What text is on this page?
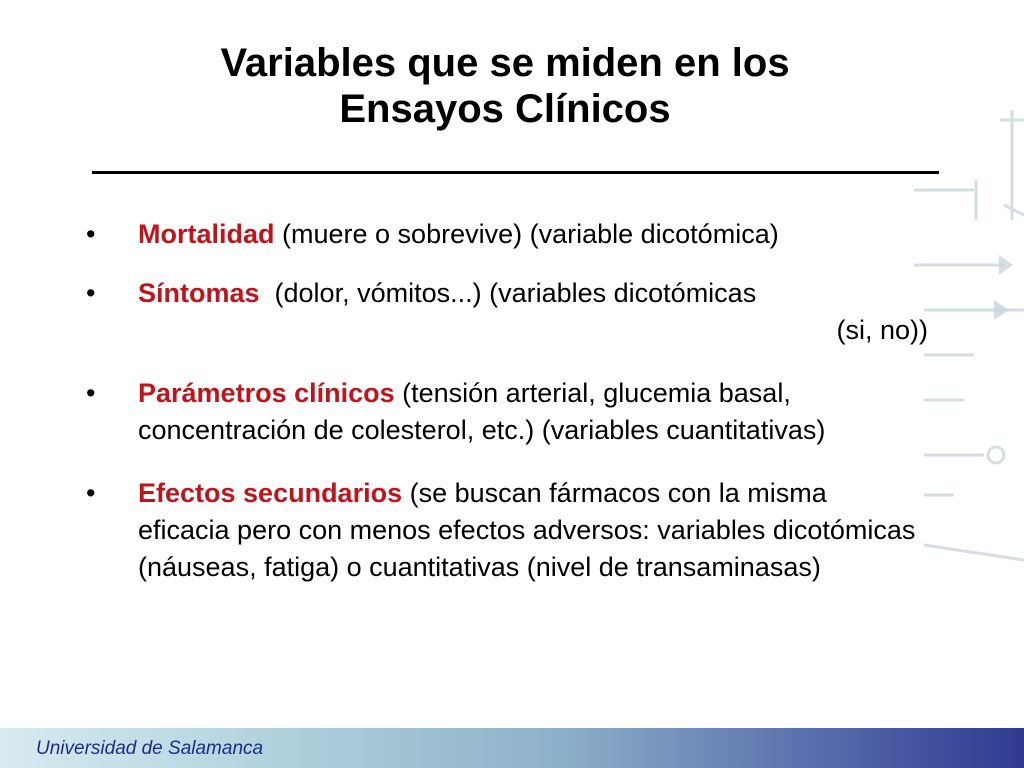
Variables que se miden en los
Ensayos Clínicos
• Mortalidad (muere o sobrevive) (variable dicotómica)
• Síntomas  (dolor, vómitos...) (variables dicotómicas
(si, no))
• Parámetros clínicos (tensión arterial, glucemia basal, concentración de colesterol, etc.) (variables cuantitativas)
• Efectos secundarios (se buscan fármacos con la misma eficacia pero con menos efectos adversos: variables dicotómicas (náuseas, fatiga) o cuantitativas (nivel de transaminasas)
Universidad de Salamanca
